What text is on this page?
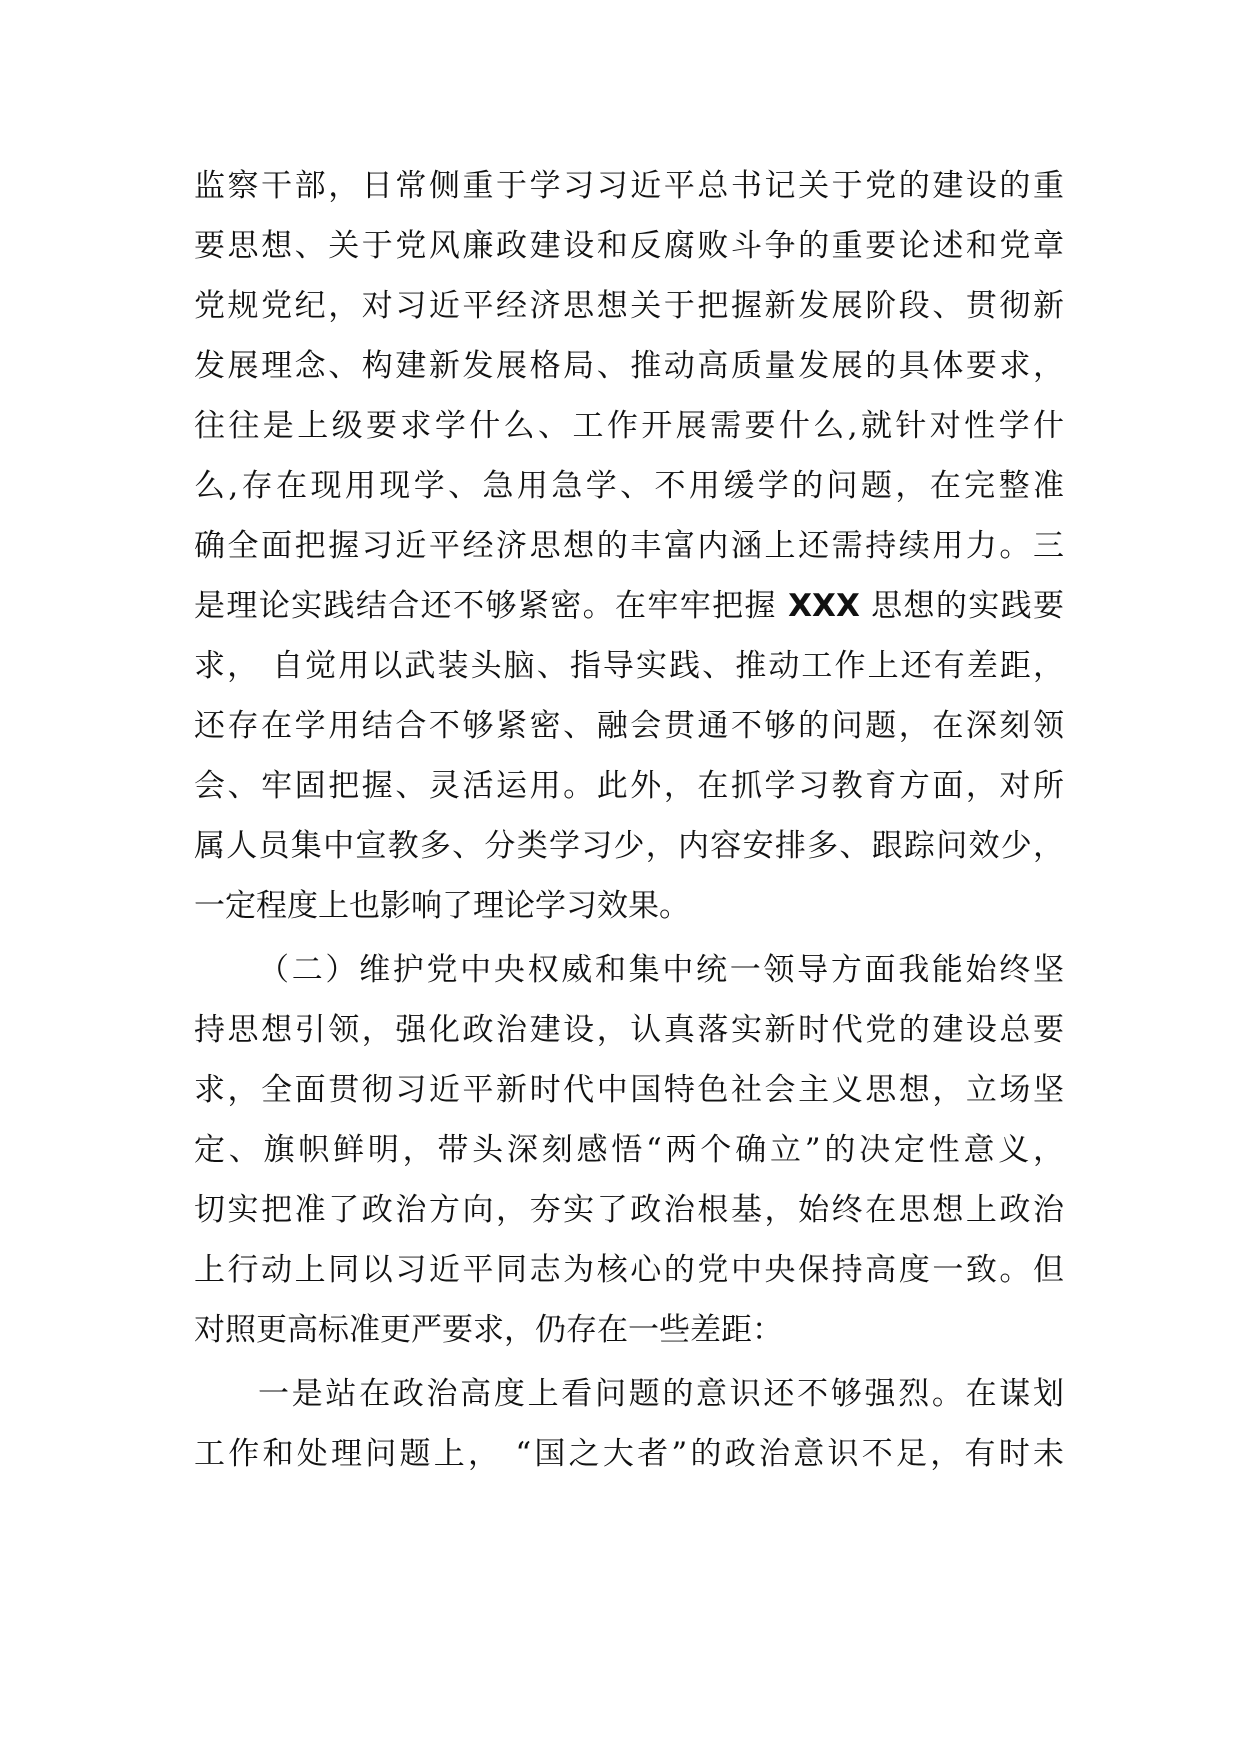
监察干部，日常侧重于学习习近平总书记关于党的建设的重
要思想、关于党风廉政建设和反腐败斗争的重要论述和党章
党规党纪，对习近平经济思想关于把握新发展阶段、贯彻新
发展理念、构建新发展格局、推动高质量发展的具体要求，
往往是上级要求学什么、工作开展需要什么,就针对性学什
么,存在现用现学、急用急学、不用缓学的问题，在完整准
确全面把握习近平经济思想的丰富内涵上还需持续用力。三
是理论实践结合还不够紧密。在牢牢把握 XXX 思想的实践要
求， 自觉用以武装头脑、指导实践、推动工作上还有差距，
还存在学用结合不够紧密、融会贯通不够的问题，在深刻领
会、牢固把握、灵活运用。此外，在抓学习教育方面，对所
属人员集中宣教多、分类学习少，内容安排多、跟踪问效少，
一定程度上也影响了理论学习效果。
（二）维护党中央权威和集中统一领导方面我能始终坚
持思想引领，强化政治建设，认真落实新时代党的建设总要
求，全面贯彻习近平新时代中国特色社会主义思想，立场坚
定、旗帜鲜明，带头深刻感悟“两个确立”的决定性意义，
切实把准了政治方向，夯实了政治根基，始终在思想上政治
上行动上同以习近平同志为核心的党中央保持高度一致。但
对照更高标准更严要求，仍存在一些差距：
一是站在政治高度上看问题的意识还不够强烈。在谋划
工作和处理问题上， “国之大者”的政治意识不足，有时未
